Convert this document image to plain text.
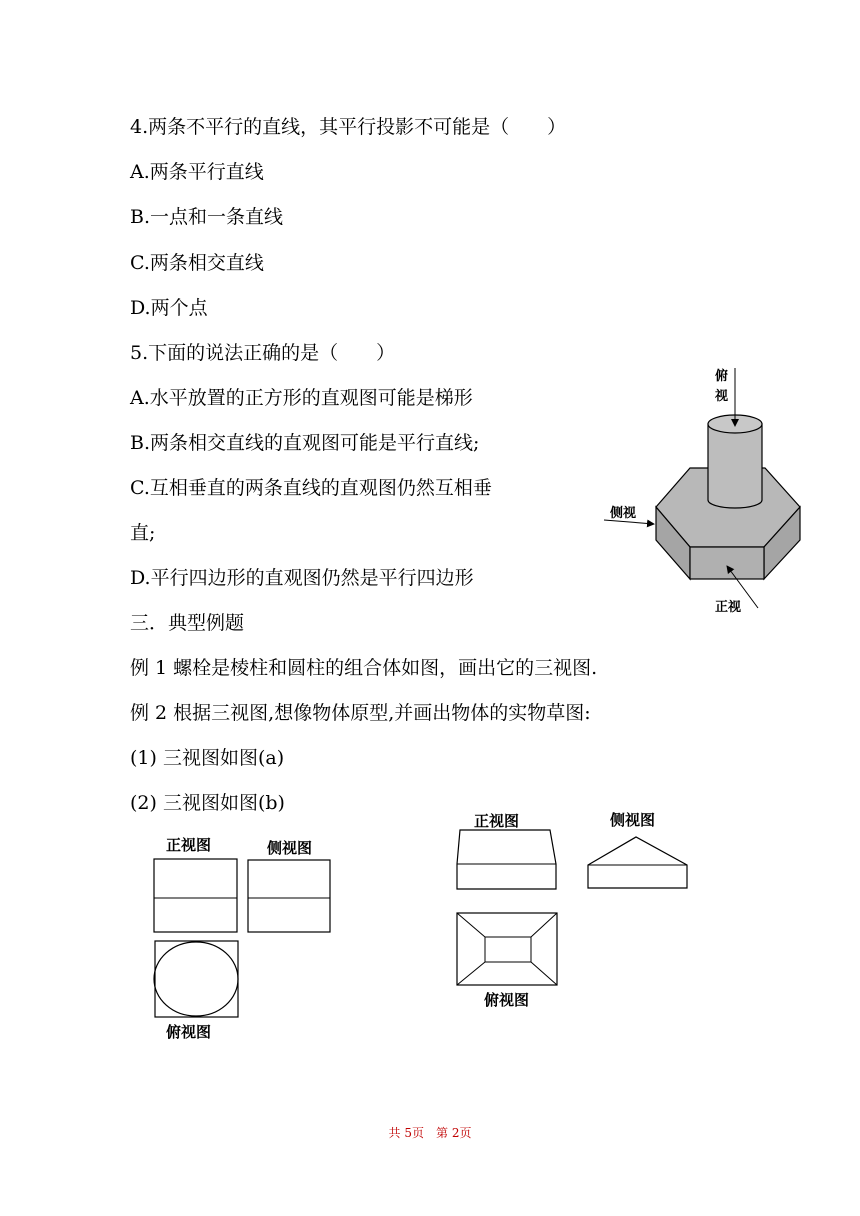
4.两条不平行的直线，其平行投影不可能是（　　）
A.两条平行直线
B.一点和一条直线
C.两条相交直线
D.两个点
5.下面的说法正确的是（　　）
A.水平放置的正方形的直观图可能是梯形
B.两条相交直线的直观图可能是平行直线;
C.互相垂直的两条直线的直观图仍然互相垂
直;
D.平行四边形的直观图仍然是平行四边形
三．典型例题
例 1 螺栓是棱柱和圆柱的组合体如图，画出它的三视图.
例 2 根据三视图,想像物体原型,并画出物体的实物草图:
(1) 三视图如图(a)
(2) 三视图如图(b)
俯
视
侧视
正视
正视图	侧视图
俯视图
正视图	侧视图
俯视图
共 5页 第 2页
